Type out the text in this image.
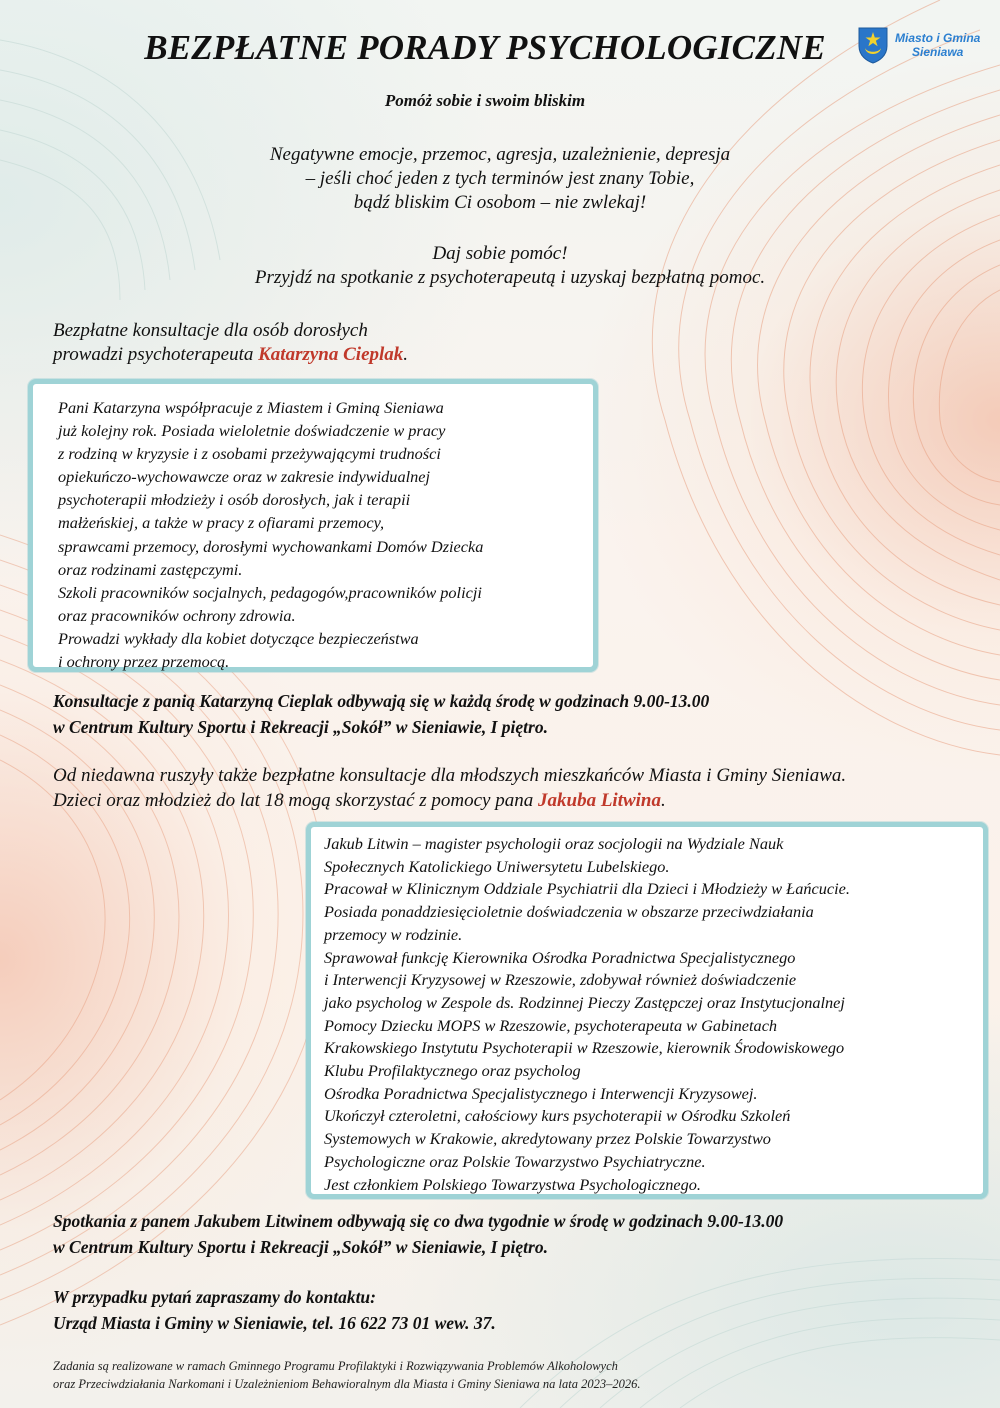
Miasto i Gmina
Sieniawa
BEZPŁATNE PORADY PSYCHOLOGICZNE
Pomóż sobie i swoim bliskim
Negatywne emocje, przemoc, agresja, uzależnienie, depresja
– jeśli choć jeden z tych terminów jest znany Tobie,
bądź bliskim Ci osobom – nie zwlekaj!
Daj sobie pomóc!
Przyjdź na spotkanie z psychoterapeutą i uzyskaj bezpłatną pomoc.
Bezpłatne konsultacje dla osób dorosłych
prowadzi psychoterapeuta Katarzyna Cieplak.
Pani Katarzyna współpracuje z Miastem i Gminą Sieniawa
już kolejny rok. Posiada wieloletnie doświadczenie w pracy
z rodziną w kryzysie i z osobami przeżywającymi trudności
opiekuńczo-wychowawcze oraz w zakresie indywidualnej
psychoterapii młodzieży i osób dorosłych, jak i terapii
małżeńskiej, a także w pracy z ofiarami przemocy,
sprawcami przemocy, dorosłymi wychowankami Domów Dziecka
oraz rodzinami zastępczymi.
Szkoli pracowników socjalnych, pedagogów,pracowników policji
oraz pracowników ochrony zdrowia.
Prowadzi wykłady dla kobiet dotyczące bezpieczeństwa
i ochrony przez przemocą.
Konsultacje z panią Katarzyną Cieplak odbywają się w każdą środę w godzinach 9.00-13.00
w Centrum Kultury Sportu i Rekreacji „Sokół” w Sieniawie, I piętro.
Od niedawna ruszyły także bezpłatne konsultacje dla młodszych mieszkańców Miasta i Gminy Sieniawa.
Dzieci oraz młodzież do lat 18 mogą skorzystać z pomocy pana Jakuba Litwina.
Jakub Litwin – magister psychologii oraz socjologii na Wydziale Nauk
Społecznych Katolickiego Uniwersytetu Lubelskiego.
Pracował w Klinicznym Oddziale Psychiatrii dla Dzieci i Młodzieży w Łańcucie.
Posiada ponaddziesięcioletnie doświadczenia w obszarze przeciwdziałania
przemocy w rodzinie.
Sprawował funkcję Kierownika Ośrodka Poradnictwa Specjalistycznego
i Interwencji Kryzysowej w Rzeszowie, zdobywał również doświadczenie
jako psycholog w Zespole ds. Rodzinnej Pieczy Zastępczej oraz Instytucjonalnej
Pomocy Dziecku MOPS w Rzeszowie, psychoterapeuta w Gabinetach
Krakowskiego Instytutu Psychoterapii w Rzeszowie, kierownik Środowiskowego
Klubu Profilaktycznego oraz psycholog
Ośrodka Poradnictwa Specjalistycznego i Interwencji Kryzysowej.
Ukończył czteroletni, całościowy kurs psychoterapii w Ośrodku Szkoleń
Systemowych w Krakowie, akredytowany przez Polskie Towarzystwo
Psychologiczne oraz Polskie Towarzystwo Psychiatryczne.
Jest członkiem Polskiego Towarzystwa Psychologicznego.
Spotkania z panem Jakubem Litwinem odbywają się co dwa tygodnie w środę w godzinach 9.00-13.00
w Centrum Kultury Sportu i Rekreacji „Sokół” w Sieniawie, I piętro.
W przypadku pytań zapraszamy do kontaktu:
Urząd Miasta i Gminy w Sieniawie, tel. 16 622 73 01 wew. 37.
Zadania są realizowane w ramach Gminnego Programu Profilaktyki i Rozwiązywania Problemów Alkoholowych
oraz Przeciwdziałania Narkomani i Uzależnieniom Behawioralnym dla Miasta i Gminy Sieniawa na lata 2023–2026.
